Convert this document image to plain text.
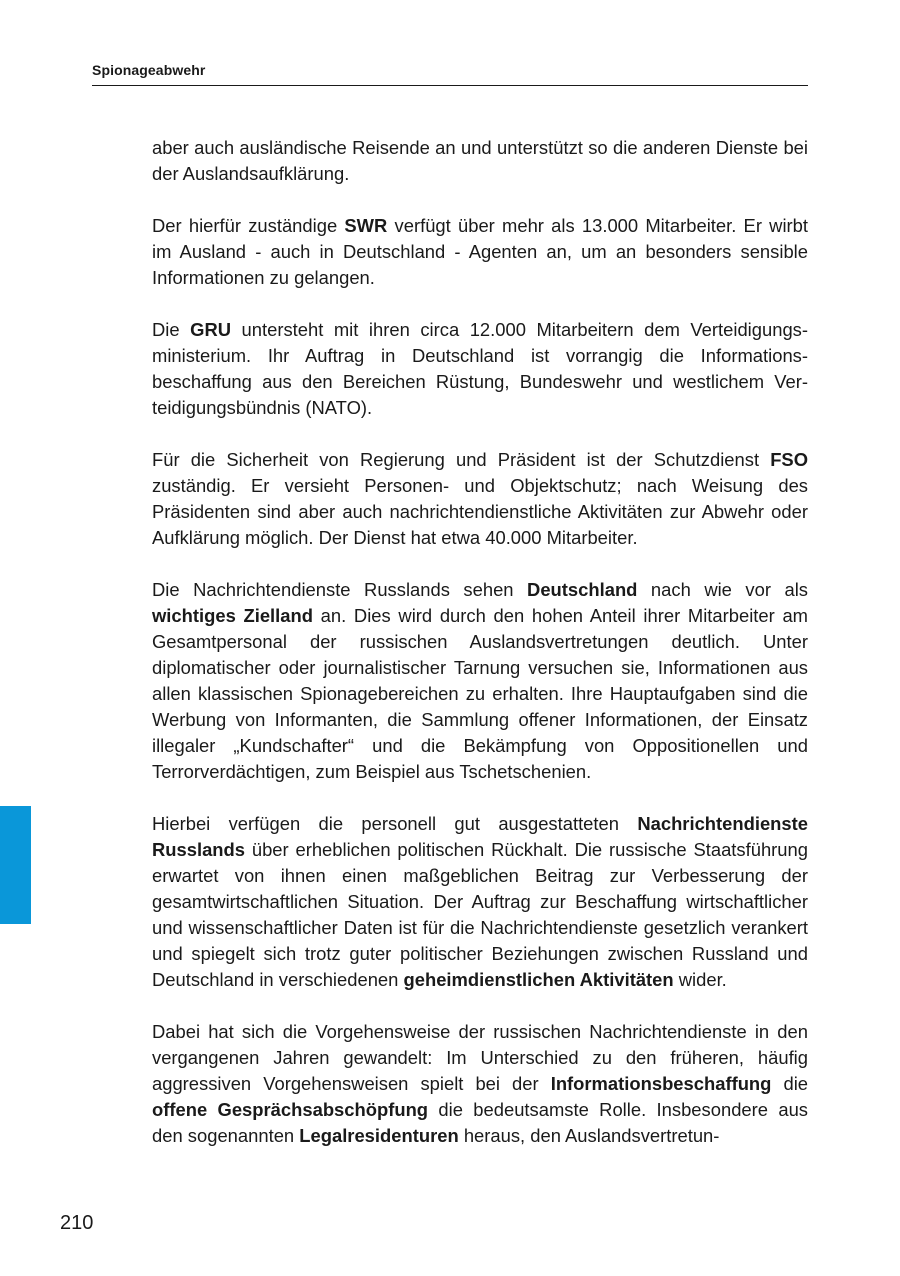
Spionageabwehr

aber auch ausländische Reisende an und unterstützt so die anderen Dienste bei der Auslandsaufklärung.

Der hierfür zuständige SWR verfügt über mehr als 13.000 Mitarbeiter. Er wirbt im Ausland - auch in Deutschland - Agenten an, um an besonders sensible Informationen zu gelangen.

Die GRU untersteht mit ihren circa 12.000 Mitarbeitern dem Verteidigungsministerium. Ihr Auftrag in Deutschland ist vorrangig die Informationsbeschaffung aus den Bereichen Rüstung, Bundeswehr und westlichem Verteidigungsbündnis (NATO).

Für die Sicherheit von Regierung und Präsident ist der Schutzdienst FSO zuständig. Er versieht Personen- und Objektschutz; nach Weisung des Präsidenten sind aber auch nachrichtendienstliche Aktivitäten zur Abwehr oder Aufklärung möglich. Der Dienst hat etwa 40.000 Mitarbeiter.

Die Nachrichtendienste Russlands sehen Deutschland nach wie vor als wichtiges Zielland an. Dies wird durch den hohen Anteil ihrer Mitarbeiter am Gesamtpersonal der russischen Auslandsvertretungen deutlich. Unter diplomatischer oder journalistischer Tarnung versuchen sie, Informationen aus allen klassischen Spionagebereichen zu erhalten. Ihre Hauptaufgaben sind die Werbung von Informanten, die Sammlung offener Informationen, der Einsatz illegaler „Kundschafter“ und die Bekämpfung von Oppositionellen und Terrorverdächtigen, zum Beispiel aus Tschetschenien.

Hierbei verfügen die personell gut ausgestatteten Nachrichtendienste Russlands über erheblichen politischen Rückhalt. Die russische Staatsführung erwartet von ihnen einen maßgeblichen Beitrag zur Verbesserung der gesamtwirtschaftlichen Situation. Der Auftrag zur Beschaffung wirtschaftlicher und wissenschaftlicher Daten ist für die Nachrichtendienste gesetzlich verankert und spiegelt sich trotz guter politischer Beziehungen zwischen Russland und Deutschland in verschiedenen geheimdienstlichen Aktivitäten wider.

Dabei hat sich die Vorgehensweise der russischen Nachrichtendienste in den vergangenen Jahren gewandelt: Im Unterschied zu den früheren, häufig aggressiven Vorgehensweisen spielt bei der Informationsbeschaffung die offene Gesprächsabschöpfung die bedeutsamste Rolle. Insbesondere aus den sogenannten Legalresidenturen heraus, den Auslandsvertretun-

210
